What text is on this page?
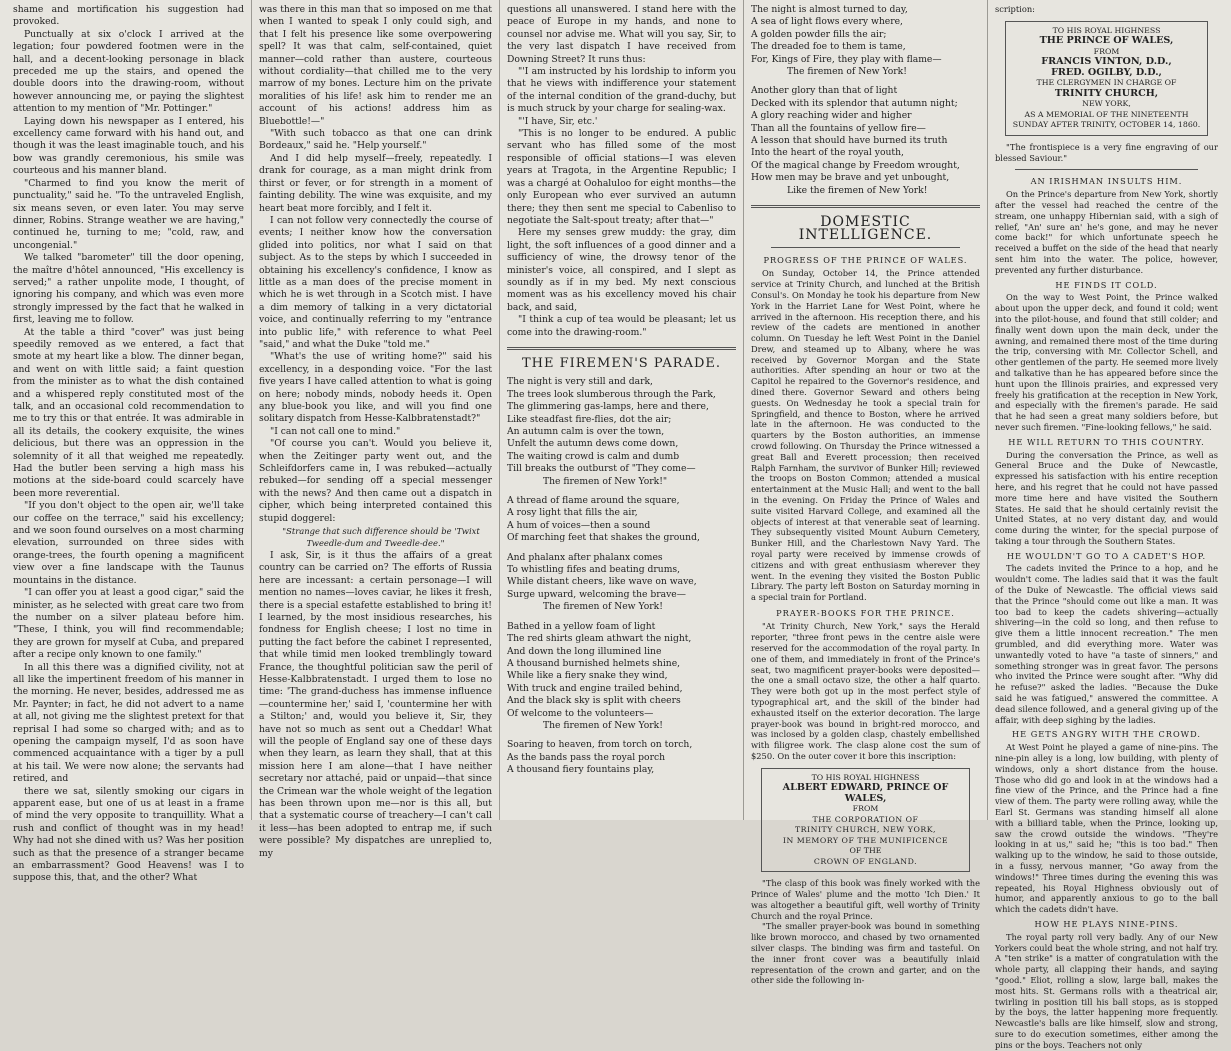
shame and mortification his suggestion had provoked.

Punctually at six o'clock I arrived at the legation; four powdered footmen were in the hall, and a decent-looking personage in black preceded me up the stairs, and opened the double doors into the drawing-room, without however announcing me, or paying the slightest attention to my mention of "Mr. Pottinger."

Laying down his newspaper as I entered, his excellency came forward with his hand out, and though it was the least imaginable touch, and his bow was grandly ceremonious, his smile was courteous and his manner bland.

"Charmed to find you know the merit of punctuality," said he. "To the untraveled English, six means seven, or even later. You may serve dinner, Robins. Strange weather we are having," continued he, turning to me; "cold, raw, and uncongenial."

We talked "barometer" till the door opening, the maître d'hôtel announced, "His excellency is served;" a rather unpolite mode, I thought, of ignoring his company, and which was even more strongly impressed by the fact that he walked in first, leaving me to follow.

At the table a third "cover" was just being speedily removed as we entered, a fact that smote at my heart like a blow. The dinner began, and went on with little said; a faint question from the minister as to what the dish contained and a whispered reply constituted most of the talk, and an occasional cold recommendation to me to try this or that entrée. It was admirable in all its details, the cookery exquisite, the wines delicious, but there was an oppression in the solemnity of it all that weighed me repeatedly. Had the butler been serving a high mass his motions at the side-board could scarcely have been more reverential.

"If you don't object to the open air, we'll take our coffee on the terrace," said his excellency; and we soon found ourselves on a most charming elevation, surrounded on three sides with orange-trees, the fourth opening a magnificent view over a fine landscape with the Taunus mountains in the distance.

"I can offer you at least a good cigar," said the minister, as he selected with great care two from the number on a silver plateau before him. "These, I think, you will find recommendable; they are grown for myself at Cuba, and prepared after a recipe only known to one family."

In all this there was a dignified civility, not at all like the impertinent freedom of his manner in the morning. He never, besides, addressed me as Mr. Paynter; in fact, he did not advert to a name at all, not giving me the slightest pretext for that reprisal I had some so charged with; and as to opening the campaign myself, I'd as soon have commenced acquaintance with a tiger by a pull at his tail. We were now alone; the servants had retired, and

there we sat, silently smoking our cigars in apparent ease, but one of us at least in a frame of mind the very opposite to tranquillity. What a rush and conflict of thought was in my head! Why had not she dined with us? Was her position such as that the presence of a stranger became an embarrassment? Good Heavens! was I to suppose this, that, and the other? What

was there in this man that so imposed on me that when I wanted to speak I only could sigh, and that I felt his presence like some overpowering spell? It was that calm, self-contained, quiet manner—cold rather than austere, courteous without cordiality—that chilled me to the very marrow of my bones. Lecture him on the private moralities of his life! ask him to render me an account of his actions! address him as Bluebottle!—"

"With such tobacco as that one can drink Bordeaux," said he. "Help yourself."

And I did help myself—freely, repeatedly. I drank for courage, as a man might drink from thirst or fever, or for strength in a moment of fainting debility. The wine was exquisite, and my heart beat more forcibly, and I felt it.

I can not follow very connectedly the course of events; I neither know how the conversation glided into politics, nor what I said on that subject. As to the steps by which I succeeded in obtaining his excellency's confidence, I know as little as a man does of the precise moment in which he is wet through in a Scotch mist. I have a dim memory of talking in a very dictatorial voice, and continually referring to my "entrance into public life," with reference to what Peel "said," and what the Duke "told me."

"What's the use of writing home?" said his excellency, in a desponding voice. "For the last five years I have called attention to what is going on here; nobody minds, nobody heeds it. Open any blue-book you like, and will you find one solitary dispatch from Hesse-Kalbbratenstadt?"

"I can not call one to mind."

"Of course you can't. Would you believe it, when the Zeitinger party went out, and the Schleifdorfers came in, I was rebuked—actually rebuked—for sending off a special messenger with the news? And then came out a dispatch in cipher, which being interpreted contained this stupid doggerel:

"Strange that such difference should be 'Twixt Tweedle-dum and Tweedle-dee."

I ask, Sir, is it thus the affairs of a great country can be carried on? The efforts of Russia here are incessant: a certain personage—I will mention no names—loves caviar, he likes it fresh, there is a special estafette established to bring it! I learned, by the most insidious researches, his fondness for English cheese; I lost no time in putting the fact before the cabinet I represented, that while timid men looked tremblingly toward France, the thoughtful politician saw the peril of Hesse-Kalbbratenstadt. I urged them to lose no time: 'The grand-duchess has immense influence—countermine her,' said I, 'countermine her with a Stilton;' and, would you believe it, Sir, they have not so much as sent out a Cheddar! What will the people of England say one of these days when they learn, as learn they shall, that at this mission here I am alone—that I have neither secretary nor attaché, paid or unpaid—that since the Crimean war the whole weight of the legation has been thrown upon me—nor is this all, but that a systematic course of treachery—I can't call it less—has been adopted to entrap me, if such were possible? My dispatches are unreplied to, my

questions all unanswered. I stand here with the peace of Europe in my hands, and none to counsel nor advise me. What will you say, Sir, to the very last dispatch I have received from Downing Street? It runs thus:

"'I am instructed by his lordship to inform you that he views with indifference your statement of the internal condition of the grand-duchy, but is much struck by your charge for sealing-wax.

"'I have, Sir, etc.'

"This is no longer to be endured. A public servant who has filled some of the most responsible of official stations—I was eleven years at Tragota, in the Argentine Republic; I was a chargé at Oohaluloo for eight months—the only European who ever survived an autumn there; they then sent me special to Cabenliso to negotiate the Salt-spout treaty; after that—"

Here my senses grew muddy: the gray, dim light, the soft influences of a good dinner and a sufficiency of wine, the drowsy tenor of the minister's voice, all conspired, and I slept as soundly as if in my bed. My next conscious moment was as his excellency moved his chair back, and said,

"I think a cup of tea would be pleasant; let us come into the drawing-room."

THE FIREMEN'S PARADE.

The night is very still and dark,

The trees look slumberous through the Park,

The glimmering gas-lamps, here and there,

Like steadfast fire-flies, dot the air;

An autumn calm is over the town,

Unfelt the autumn dews come down,

The waiting crowd is calm and dumb

Till breaks the outburst of "They come—

The firemen of New York!"

A thread of flame around the square,

A rosy light that fills the air,

A hum of voices—then a sound

Of marching feet that shakes the ground,

And phalanx after phalanx comes

To whistling fifes and beating drums,

While distant cheers, like wave on wave,

Surge upward, welcoming the brave—

The firemen of New York!

Bathed in a yellow foam of light

The red shirts gleam athwart the night,

And down the long illumined line

A thousand burnished helmets shine,

While like a fiery snake they wind,

With truck and engine trailed behind,

And the black sky is split with cheers

Of welcome to the volunteers—

The firemen of New York!

Soaring to heaven, from torch on torch,

As the bands pass the royal porch

A thousand fiery fountains play,

The night is almost turned to day,

A sea of light flows every where,

A golden powder fills the air;

The dreaded foe to them is tame,

For, Kings of Fire, they play with flame—

The firemen of New York!

Another glory than that of light

Decked with its splendor that autumn night;

A glory reaching wider and higher

Than all the fountains of yellow fire—

A lesson that should have burned its truth

Into the heart of the royal youth,

Of the magical change by Freedom wrought,

How men may be brave and yet unbought,

Like the firemen of New York!

DOMESTIC INTELLIGENCE.
PROGRESS OF THE PRINCE OF WALES.

On Sunday, October 14, the Prince attended service at Trinity Church, and lunched at the British Consul's. On Monday he took his departure from New York in the Harriet Lane for West Point, where he arrived in the afternoon. His reception there, and his review of the cadets are mentioned in another column. On Tuesday he left West Point in the Daniel Drew, and steamed up to Albany, where he was received by Governor Morgan and the State authorities. After spending an hour or two at the Capitol he repaired to the Governor's residence, and dined there. Governor Seward and others being guests. On Wednesday he took a special train for Springfield, and thence to Boston, where he arrived late in the afternoon. He was conducted to the quarters by the Boston authorities, an immense crowd following. On Thursday the Prince witnessed a great Ball and Everett procession; then received Ralph Farnham, the survivor of Bunker Hill; reviewed the troops on Boston Common; attended a musical entertainment at the Music Hall; and went to the ball in the evening. On Friday the Prince of Wales and suite visited Harvard College, and examined all the objects of interest at that venerable seat of learning. They subsequently visited Mount Auburn Cemetery, Bunker Hill, and the Charlestown Navy Yard. The royal party were received by immense crowds of citizens and with great enthusiasm wherever they went. In the evening they visited the Boston Public Library. The party left Boston on Saturday morning in a special train for Portland.

PRAYER-BOOKS FOR THE PRINCE.

"At Trinity Church, New York," says the Herald reporter, "three front pews in the centre aisle were reserved for the accommodation of the royal party. In one of them, and immediately in front of the Prince's seat, two magnificent prayer-books were deposited—the one a small octavo size, the other a half quarto. They were both got up in the most perfect style of typographical art, and the skill of the binder had exhausted itself on the exterior decoration. The large prayer-book was bound in bright-red morocco, and was inclosed by a golden clasp, chastely embellished with filigree work. The clasp alone cost the sum of $250. On the outer cover it bore this inscription:

TO HIS ROYAL HIGHNESS

ALBERT EDWARD, PRINCE OF WALES,

FROM

THE CORPORATION OF

TRINITY CHURCH, NEW YORK,

IN MEMORY OF THE MUNIFICENCE

OF THE

CROWN OF ENGLAND.

"The clasp of this book was finely worked with the Prince of Wales' plume and the motto 'Ich Dien.' It was altogether a beautiful gift, well worthy of Trinity Church and the royal Prince.

"The smaller prayer-book was bound in something like brown morocco, and chased by two ornamented silver clasps. The binding was firm and tasteful. On the inner front cover was a beautifully inlaid representation of the crown and garter, and on the other side the following in-

scription:

TO HIS ROYAL HIGHNESS

THE PRINCE OF WALES,

FROM

FRANCIS VINTON, D.D.,

FRED. OGILBY, D.D.,

THE CLERGYMEN IN CHARGE OF

TRINITY CHURCH,

NEW YORK,

AS A MEMORIAL OF THE NINETEENTH SUNDAY AFTER TRINITY, OCTOBER 14, 1860.

"The frontispiece is a very fine engraving of our blessed Saviour."

AN IRISHMAN INSULTS HIM.

On the Prince's departure from New York, shortly after the vessel had reached the centre of the stream, one unhappy Hibernian said, with a sigh of relief, "An' sure an' he's gone, and may he never come back!" for which unfortunate speech he received a buffet on the side of the head that nearly sent him into the water. The police, however, prevented any further disturbance.

HE FINDS IT COLD.

On the way to West Point, the Prince walked about upon the upper deck, and found it cold; went into the pilot-house, and found that still colder; and finally went down upon the main deck, under the awning, and remained there most of the time during the trip, conversing with Mr. Collector Schell, and other gentlemen of the party. He seemed more lively and talkative than he has appeared before since the hunt upon the Illinois prairies, and expressed very freely his gratification at the reception in New York, and especially with the firemen's parade. He said that he had seen a great many soldiers before, but never such firemen. "Fine-looking fellows," he said.

HE WILL RETURN TO THIS COUNTRY.

During the conversation the Prince, as well as General Bruce and the Duke of Newcastle, expressed his satisfaction with his entire reception here, and his regret that he could not have passed more time here and have visited the Southern States. He said that he should certainly revisit the United States, at no very distant day, and would come during the winter, for the special purpose of taking a tour through the Southern States.

HE WOULDN'T GO TO A CADET'S HOP.

The cadets invited the Prince to a hop, and he wouldn't come. The ladies said that it was the fault of the Duke of Newcastle. The official views said that the Prince "should come out like a man. It was too bad to keep the cadets shivering—actually shivering—in the cold so long, and then refuse to give them a little innocent recreation." The men grumbled, and did everything more. Water was unwantedly voted to have "a taste of sinners," and something stronger was in great favor. The persons who invited the Prince were sought after. "Why did he refuse?" asked the ladies. "Because the Duke said he was fatigued," answered the committee. A dead silence followed, and a general giving up of the affair, with deep sighing by the ladies.

HE GETS ANGRY WITH THE CROWD.

At West Point he played a game of nine-pins. The nine-pin alley is a long, low building, with plenty of windows, only a short distance from the house. Those who did go and look in at the windows had a fine view of the Prince, and the Prince had a fine view of them. The party were rolling away, while the Earl St. Germans was standing himself all alone with a billiard table, when the Prince, looking up, saw the crowd outside the windows. "They're looking in at us," said he; "this is too bad." Then walking up to the window, he said to those outside, in a fussy, nervous manner, "Go away from the windows!" Three times during the evening this was repeated, his Royal Highness obviously out of humor, and apparently anxious to go to the ball which the cadets didn't have.

HOW HE PLAYS NINE-PINS.

The royal party roll very badly. Any of our New Yorkers could beat the whole string, and not half try. A "ten strike" is a matter of congratulation with the whole party, all clapping their hands, and saying "good." Eliot, rolling a slow, large ball, makes the most hits. St. Germans rolls with a theatrical air, twirling in position till his ball stops, as is stopped by the boys, the latter happening more frequently. Newcastle's balls are like himself, slow and strong, sure to do execution sometimes, either among the pins or the boys. Teachers not only
